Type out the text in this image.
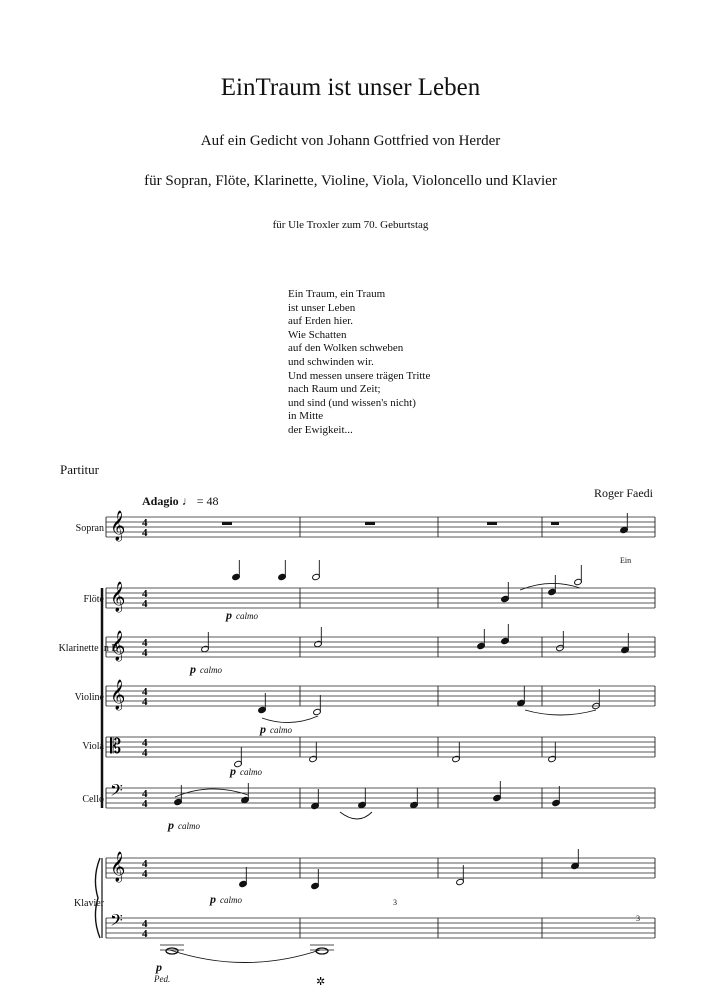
EinTraum ist unser Leben
Auf ein Gedicht von Johann Gottfried von Herder
für Sopran, Flöte, Klarinette, Violine, Viola, Violoncello und Klavier
für Ule Troxler zum 70. Geburtstag
Ein Traum, ein Traum
ist unser Leben
auf Erden hier.
Wie Schatten
auf den Wolken schweben
und schwinden wir.
Und messen unsere trägen Tritte
nach Raum und Zeit;
und sind (und wissen's nicht)
in Mitte
der Ewigkeit...
Partitur
Roger Faedi
Adagio ♩ = 48
Sopran
Flöte
Klarinette in B
Violine
Viola
Cello
Klavier
p calmo
p calmo
p calmo
p calmo
p calmo
p calmo
p
Ein
3
3
Ped.
𝄞 4
4
𝄞 4
4
𝄞 4
4
𝄞 4
4
𝄡 4
4
𝄢 4
4
𝄞 4
4
𝄢 4
4
✲
